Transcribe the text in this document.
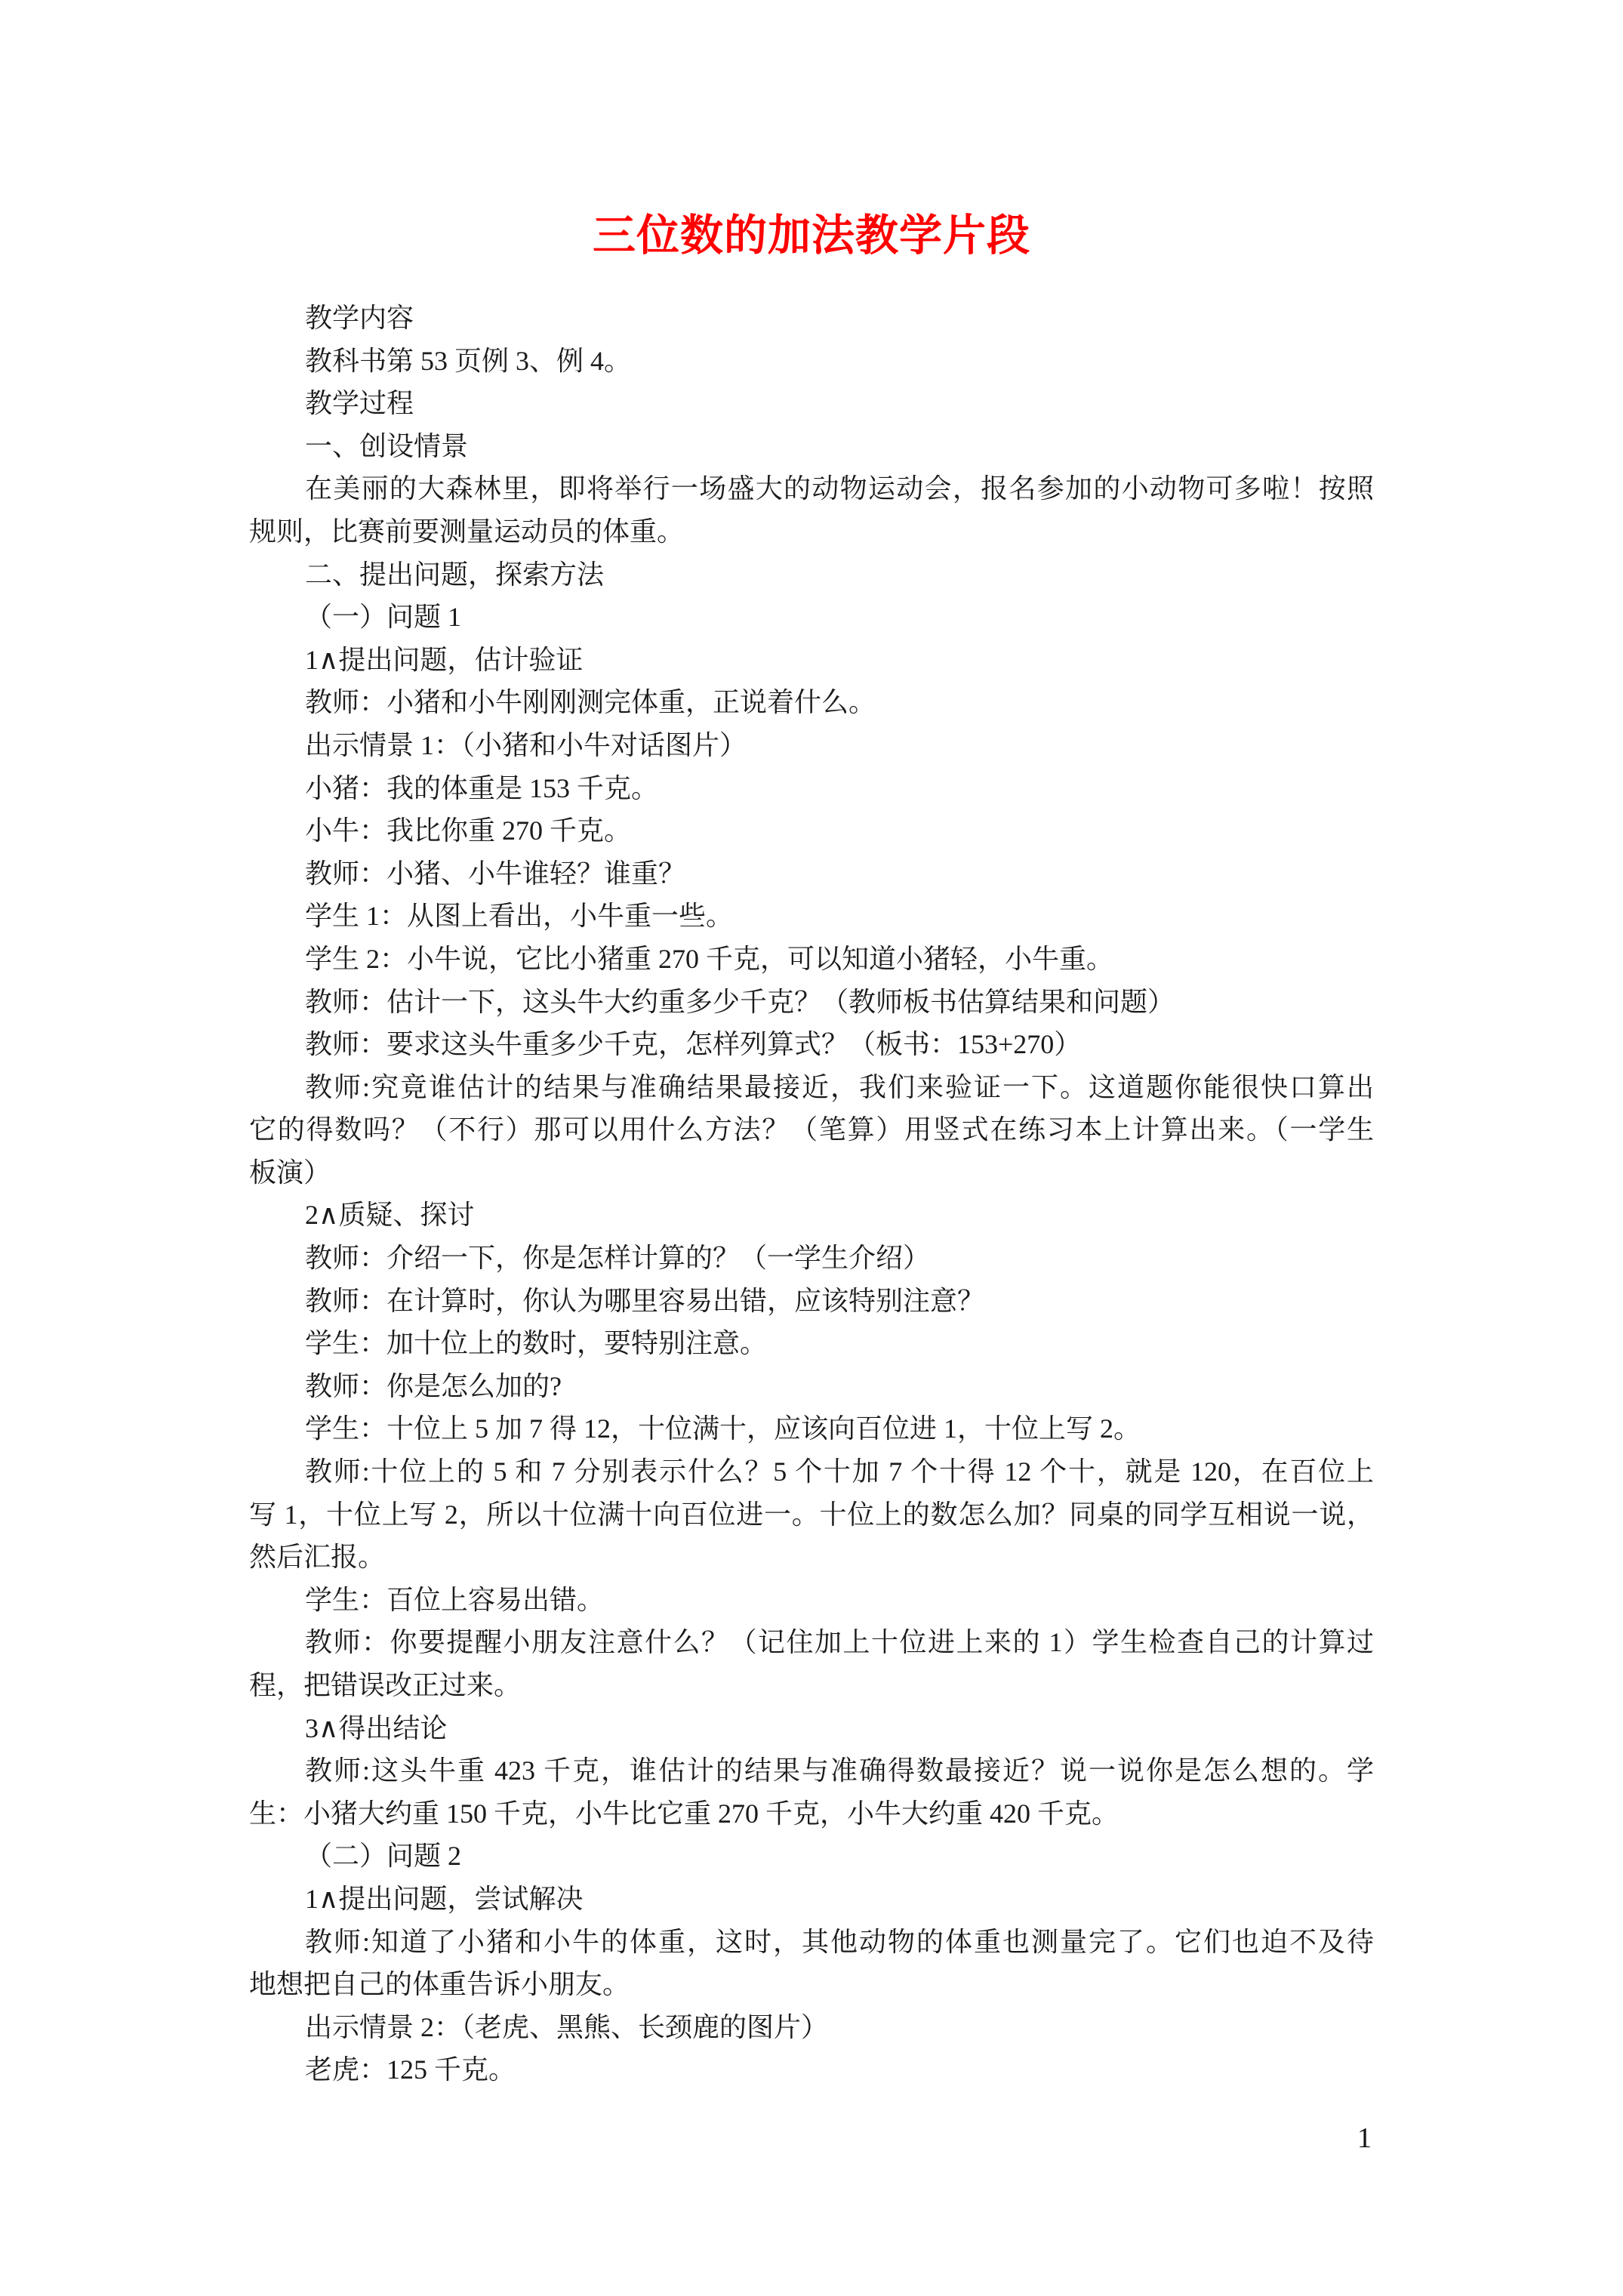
三位数的加法教学片段
教学内容
教科书第 53 页例 3、例 4。
教学过程
一、创设情景
在美丽的大森林里，即将举行一场盛大的动物运动会，报名参加的小动物可多啦！按照
规则，比赛前要测量运动员的体重。
二、提出问题，探索方法
（一）问题 1
1∧提出问题，估计验证
教师：小猪和小牛刚刚测完体重，正说着什么。
出示情景 1：（小猪和小牛对话图片）
小猪：我的体重是 153 千克。
小牛：我比你重 270 千克。
教师：小猪、小牛谁轻？谁重？
学生 1：从图上看出，小牛重一些。
学生 2：小牛说，它比小猪重 270 千克，可以知道小猪轻，小牛重。
教师：估计一下，这头牛大约重多少千克？（教师板书估算结果和问题）
教师：要求这头牛重多少千克，怎样列算式？（板书：153+270）
教师:究竟谁估计的结果与准确结果最接近，我们来验证一下。这道题你能很快口算出
它的得数吗？（不行）那可以用什么方法？（笔算）用竖式在练习本上计算出来。（一学生
板演）
2∧质疑、探讨
教师：介绍一下，你是怎样计算的？（一学生介绍）
教师：在计算时，你认为哪里容易出错，应该特别注意？
学生：加十位上的数时，要特别注意。
教师：你是怎么加的?
学生：十位上 5 加 7 得 12，十位满十，应该向百位进 1，十位上写 2。
教师:十位上的 5 和 7 分别表示什么？5 个十加 7 个十得 12 个十，就是 120，在百位上
写 1，十位上写 2，所以十位满十向百位进一。十位上的数怎么加？同桌的同学互相说一说，
然后汇报。
学生：百位上容易出错。
教师：你要提醒小朋友注意什么？（记住加上十位进上来的 1）学生检查自己的计算过
程，把错误改正过来。
3∧得出结论
教师:这头牛重 423 千克，谁估计的结果与准确得数最接近？说一说你是怎么想的。学
生：小猪大约重 150 千克，小牛比它重 270 千克，小牛大约重 420 千克。
（二）问题 2
1∧提出问题，尝试解决
教师:知道了小猪和小牛的体重，这时，其他动物的体重也测量完了。它们也迫不及待
地想把自己的体重告诉小朋友。
出示情景 2：（老虎、黑熊、长颈鹿的图片）
老虎：125 千克。
1
